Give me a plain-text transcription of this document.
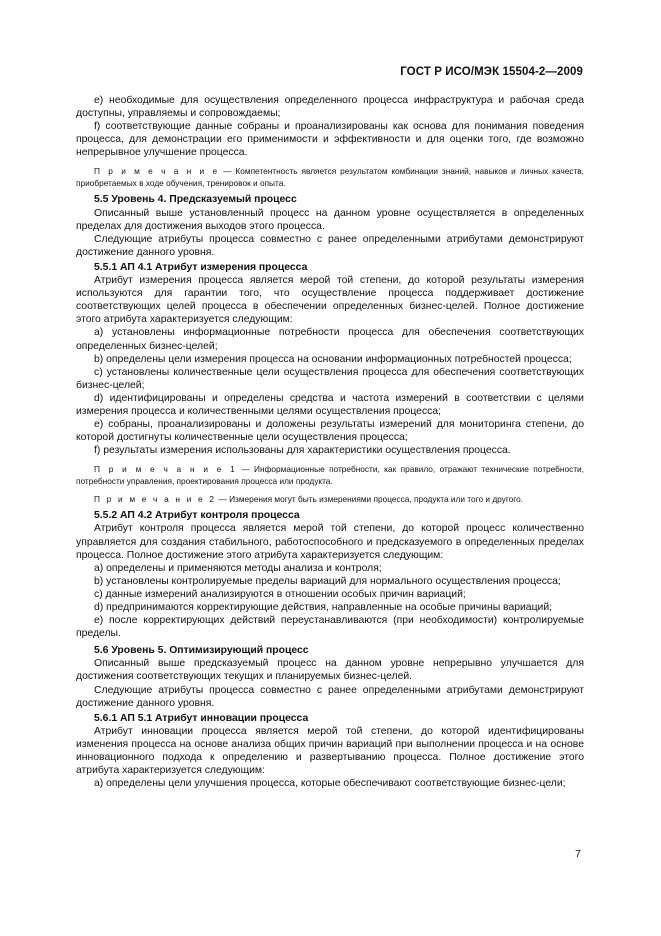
ГОСТ Р ИСО/МЭК 15504-2—2009

e) необходимые для осуществления определенного процесса инфраструктура и рабочая среда доступны, управляемы и сопровождаемы;

f) соответствующие данные собраны и проанализированы как основа для понимания поведения процесса, для демонстрации его применимости и эффективности и для оценки того, где возможно непрерывное улучшение процесса.

П р и м е ч а н и е — Компетентность является результатом комбинации знаний, навыков и личных качеств, приобретаемых в ходе обучения, тренировок и опыта.

5.5 Уровень 4. Предсказуемый процесс

Описанный выше установленный процесс на данном уровне осуществляется в определенных пределах для достижения выходов этого процесса.

Следующие атрибуты процесса совместно с ранее определенными атрибутами демонстрируют достижение данного уровня.

5.5.1 АП 4.1 Атрибут измерения процесса

Атрибут измерения процесса является мерой той степени, до которой результаты измерения используются для гарантии того, что осуществление процесса поддерживает достижение соответствующих целей процесса в обеспечении определенных бизнес-целей. Полное достижение этого атрибута характеризуется следующим:

a) установлены информационные потребности процесса для обеспечения соответствующих определенных бизнес-целей;

b) определены цели измерения процесса на основании информационных потребностей процесса;

c) установлены количественные цели осуществления процесса для обеспечения соответствующих бизнес-целей;

d) идентифицированы и определены средства и частота измерений в соответствии с целями измерения процесса и количественными целями осуществления процесса;

e) собраны, проанализированы и доложены результаты измерений для мониторинга степени, до которой достигнуты количественные цели осуществления процесса;

f) результаты измерения использованы для характеристики осуществления процесса.

П р и м е ч а н и е 1 — Информационные потребности, как правило, отражают технические потребности, потребности управления, проектирования процесса или продукта.

П р и м е ч а н и е 2 — Измерения могут быть измерениями процесса, продукта или того и другого.

5.5.2 АП 4.2 Атрибут контроля процесса

Атрибут контроля процесса является мерой той степени, до которой процесс количественно управляется для создания стабильного, работоспособного и предсказуемого в определенных пределах процесса. Полное достижение этого атрибута характеризуется следующим:

a) определены и применяются методы анализа и контроля;

b) установлены контролируемые пределы вариаций для нормального осуществления процесса;

c) данные измерений анализируются в отношении особых причин вариаций;

d) предпринимаются корректирующие действия, направленные на особые причины вариаций;

e) после корректирующих действий переустанавливаются (при необходимости) контролируемые пределы.

5.6 Уровень 5. Оптимизирующий процесс

Описанный выше предсказуемый процесс на данном уровне непрерывно улучшается для достижения соответствующих текущих и планируемых бизнес-целей.

Следующие атрибуты процесса совместно с ранее определенными атрибутами демонстрируют достижение данного уровня.

5.6.1 АП 5.1 Атрибут инновации процесса

Атрибут инновации процесса является мерой той степени, до которой идентифицированы изменения процесса на основе анализа общих причин вариаций при выполнении процесса и на основе инновационного подхода к определению и развертыванию процесса. Полное достижение этого атрибута характеризуется следующим:

a) определены цели улучшения процесса, которые обеспечивают соответствующие бизнес-цели;

7
